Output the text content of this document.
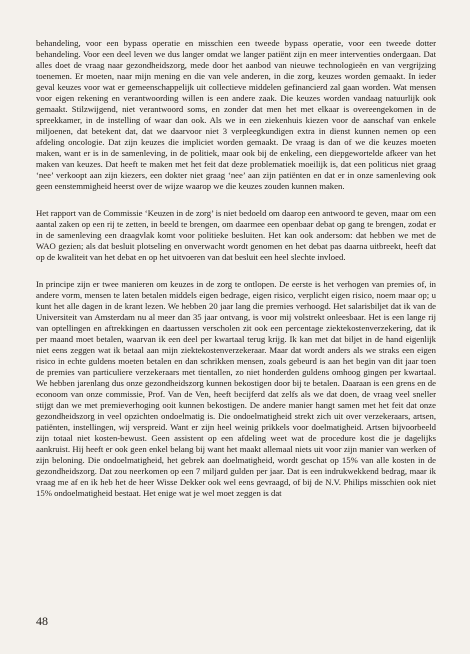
behandeling, voor een bypass operatie en misschien een tweede bypass operatie, voor een tweede dotter behandeling. Voor een deel leven we dus langer omdat we langer patiënt zijn en meer interventies ondergaan. Dat alles doet de vraag naar gezondheidszorg, mede door het aanbod van nieuwe technologieën en van vergrijzing toenemen. Er moeten, naar mijn mening en die van vele anderen, in die zorg, keuzes worden gemaakt. In ieder geval keuzes voor wat er gemeenschappelijk uit collectieve middelen gefinancierd zal gaan worden. Wat mensen voor eigen rekening en verantwoording willen is een andere zaak. Die keuzes worden vandaag natuurlijk ook gemaakt. Stilzwijgend, niet verantwoord soms, en zonder dat men het met elkaar is overeengekomen in de spreekkamer, in de instelling of waar dan ook. Als we in een ziekenhuis kiezen voor de aanschaf van enkele miljoenen, dat betekent dat, dat we daarvoor niet 3 verpleegkundigen extra in dienst kunnen nemen op een afdeling oncologie. Dat zijn keuzes die impliciet worden gemaakt. De vraag is dan of we die keuzes moeten maken, want er is in de samenleving, in de politiek, maar ook bij de enkeling, een diepgewortelde afkeer van het maken van keuzes. Dat heeft te maken met het feit dat deze problematiek moeilijk is, dat een politicus niet graag ‘nee’ verkoopt aan zijn kiezers, een dokter niet graag ‘nee’ aan zijn patiënten en dat er in onze samenleving ook geen eenstemmigheid heerst over de wijze waarop we die keuzes zouden kunnen maken.

Het rapport van de Commissie ‘Keuzen in de zorg’ is niet bedoeld om daarop een antwoord te geven, maar om een aantal zaken op een rij te zetten, in beeld te brengen, om daarmee een openbaar debat op gang te brengen, zodat er in de samenleving een draagvlak komt voor politieke besluiten. Het kan ook andersom: dat hebben we met de WAO gezien; als dat besluit plotseling en onverwacht wordt genomen en het debat pas daarna uitbreekt, heeft dat op de kwaliteit van het debat en op het uitvoeren van dat besluit een heel slechte invloed.

In principe zijn er twee manieren om keuzes in de zorg te ontlopen. De eerste is het verhogen van premies of, in andere vorm, mensen te laten betalen middels eigen bedrage, eigen risico, verplicht eigen risico, noem maar op; u kunt het alle dagen in de krant lezen. We hebben 20 jaar lang die premies verhoogd. Het salarisbiljet dat ik van de Universiteit van Amsterdam nu al meer dan 35 jaar ontvang, is voor mij volstrekt onleesbaar. Het is een lange rij van optellingen en aftrekkingen en daartussen verscholen zit ook een percentage ziektekostenverzekering, dat ik per maand moet betalen, waarvan ik een deel per kwartaal terug krijg. Ik kan met dat biljet in de hand eigenlijk niet eens zeggen wat ik betaal aan mijn ziektekostenverzekeraar. Maar dat wordt anders als we straks een eigen risico in echte guldens moeten betalen en dan schrikken mensen, zoals gebeurd is aan het begin van dit jaar toen de premies van particuliere verzekeraars met tientallen, zo niet honderden guldens omhoog gingen per kwartaal. We hebben jarenlang dus onze gezondheidszorg kunnen bekostigen door bij te betalen. Daaraan is een grens en de econoom van onze commissie, Prof. Van de Ven, heeft becijferd dat zelfs als we dat doen, de vraag veel sneller stijgt dan we met premieverhoging ooit kunnen bekostigen. De andere manier hangt samen met het feit dat onze gezondheidszorg in veel opzichten ondoelmatig is. Die ondoelmatigheid strekt zich uit over verzekeraars, artsen, patiënten, instellingen, wij verspreid. Want er zijn heel weinig prikkels voor doelmatigheid. Artsen bijvoorbeeld zijn totaal niet kosten-bewust. Geen assistent op een afdeling weet wat de procedure kost die je dagelijks aankruist. Hij heeft er ook geen enkel belang bij want het maakt allemaal niets uit voor zijn manier van werken of zijn beloning. Die ondoelmatigheid, het gebrek aan doelmatigheid, wordt geschat op 15% van alle kosten in de gezondheidszorg. Dat zou neerkomen op een 7 miljard gulden per jaar. Dat is een indrukwekkend bedrag, maar ik vraag me af en ik heb het de heer Wisse Dekker ook wel eens gevraagd, of bij de N.V. Philips misschien ook niet 15% ondoelmatigheid bestaat. Het enige wat je wel moet zeggen is dat

48
